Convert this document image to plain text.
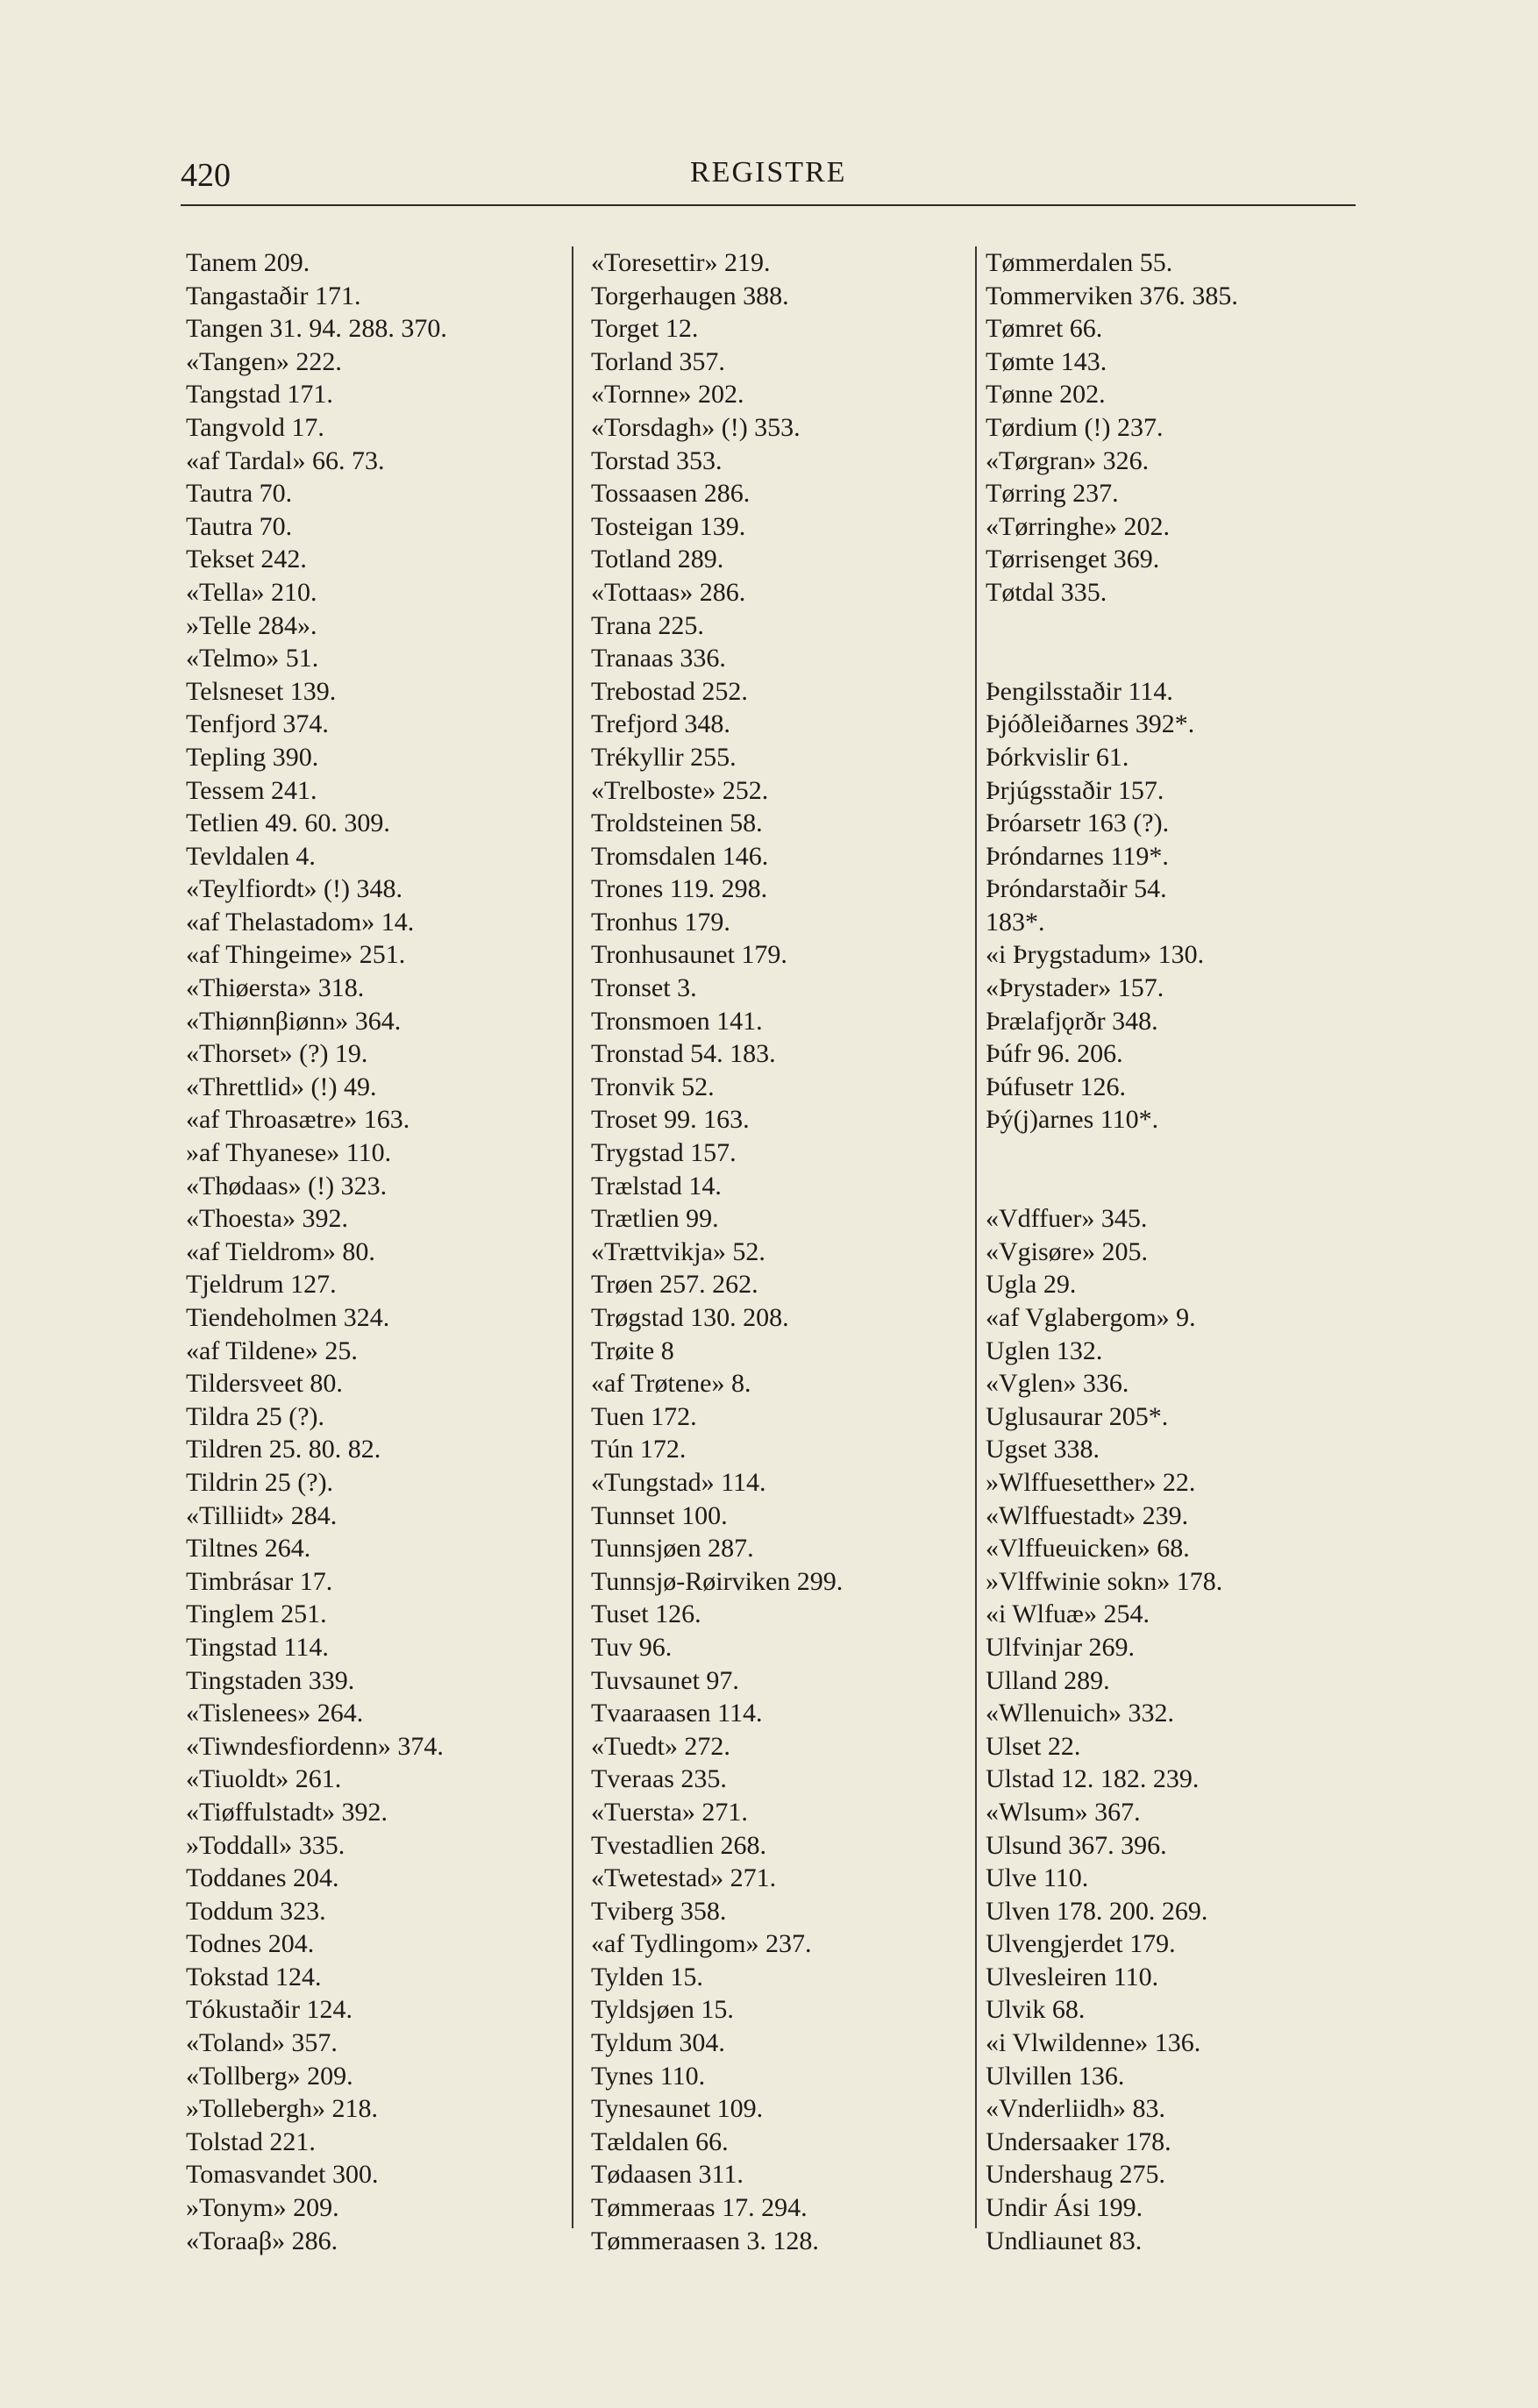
420	REGISTRE
Tanem 209.
Tangastaðir 171.
Tangen 31. 94. 288. 370.
«Tangen» 222.
Tangstad 171.
Tangvold 17.
«af Tardal» 66. 73.
Tautra 70.
Tautra 70.
Tekset 242.
«Tella» 210.
»Telle 284».
«Telmo» 51.
Telsneset 139.
Tenfjord 374.
Tepling 390.
Tessem 241.
Tetlien 49. 60. 309.
Tevldalen 4.
«Teylfiordt» (!) 348.
«af Thelastadom» 14.
«af Thingeime» 251.
«Thiøersta» 318.
«Thiønnβiønn» 364.
«Thorset» (?) 19.
«Threttlid» (!) 49.
«af Throasætre» 163.
»af Thyanese» 110.
«Thødaas» (!) 323.
«Thoesta» 392.
«af Tieldrom» 80.
Tjeldrum 127.
Tiendeholmen 324.
«af Tildene» 25.
Tildersveet 80.
Tildra 25 (?).
Tildren 25. 80. 82.
Tildrin 25 (?).
«Tilliidt» 284.
Tiltnes 264.
Timbrásar 17.
Tinglem 251.
Tingstad 114.
Tingstaden 339.
«Tislenees» 264.
«Tiwndesfiordenn» 374.
«Tiuoldt» 261.
«Tiøffulstadt» 392.
»Toddall» 335.
Toddanes 204.
Toddum 323.
Todnes 204.
Tokstad 124.
Tókustaðir 124.
«Toland» 357.
«Tollberg» 209.
»Tollebergh» 218.
Tolstad 221.
Tomasvandet 300.
»Tonym» 209.
«Toraaβ» 286.
«Toresettir» 219.
Torgerhaugen 388.
Torget 12.
Torland 357.
«Tornne» 202.
«Torsdagh» (!) 353.
Torstad 353.
Tossaasen 286.
Tosteigan 139.
Totland 289.
«Tottaas» 286.
Trana 225.
Tranaas 336.
Trebostad 252.
Trefjord 348.
Trékyllir 255.
«Trelboste» 252.
Troldsteinen 58.
Tromsdalen 146.
Trones 119. 298.
Tronhus 179.
Tronhusaunet 179.
Tronset 3.
Tronsmoen 141.
Tronstad 54. 183.
Tronvik 52.
Troset 99. 163.
Trygstad 157.
Trælstad 14.
Trætlien 99.
«Trættvikja» 52.
Trøen 257. 262.
Trøgstad 130. 208.
Trøite 8
«af Trøtene» 8.
Tuen 172.
Tún 172.
«Tungstad» 114.
Tunnset 100.
Tunnsjøen 287.
Tunnsjø-Røirviken 299.
Tuset 126.
Tuv 96.
Tuvsaunet 97.
Tvaaraasen 114.
«Tuedt» 272.
Tveraas 235.
«Tuersta» 271.
Tvestadlien 268.
«Twetestad» 271.
Tviberg 358.
«af Tydlingom» 237.
Tylden 15.
Tyldsjøen 15.
Tyldum 304.
Tynes 110.
Tynesaunet 109.
Tældalen 66.
Tødaasen 311.
Tømmeraas 17. 294.
Tømmeraasen 3. 128.
Tømmerdalen 55.
Tommerviken 376. 385.
Tømret 66.
Tømte 143.
Tønne 202.
Tørdium (!) 237.
«Tørgran» 326.
Tørring 237.
«Tørringhe» 202.
Tørrisenget 369.
Tøtdal 335.
Þengilsstaðir 114.
Þjóðleiðarnes 392*.
Þórkvislir 61.
Þrjúgsstaðir 157.
Þróarsetr 163 (?).
Þróndarnes 119*.
Þróndarstaðir 54.
183*.
«i Þrygstadum» 130.
«Þrystader» 157.
Þrælafjǫrðr 348.
Þúfr 96. 206.
Þúfusetr 126.
Þý(j)arnes 110*.
«Vdffuer» 345.
«Vgisøre» 205.
Ugla 29.
«af Vglabergom» 9.
Uglen 132.
«Vglen» 336.
Uglusaurar 205*.
Ugset 338.
»Wlffuesetther» 22.
«Wlffuestadt» 239.
«Vlffueuicken» 68.
»Vlffwinie sokn» 178.
«i Wlfuæ» 254.
Ulfvinjar 269.
Ulland 289.
«Wllenuich» 332.
Ulset 22.
Ulstad 12. 182. 239.
«Wlsum» 367.
Ulsund 367. 396.
Ulve 110.
Ulven 178. 200. 269.
Ulvengjerdet 179.
Ulvesleiren 110.
Ulvik 68.
«i Vlwildenne» 136.
Ulvillen 136.
«Vnderliidh» 83.
Undersaaker 178.
Undershaug 275.
Undir Ási 199.
Undliaunet 83.
